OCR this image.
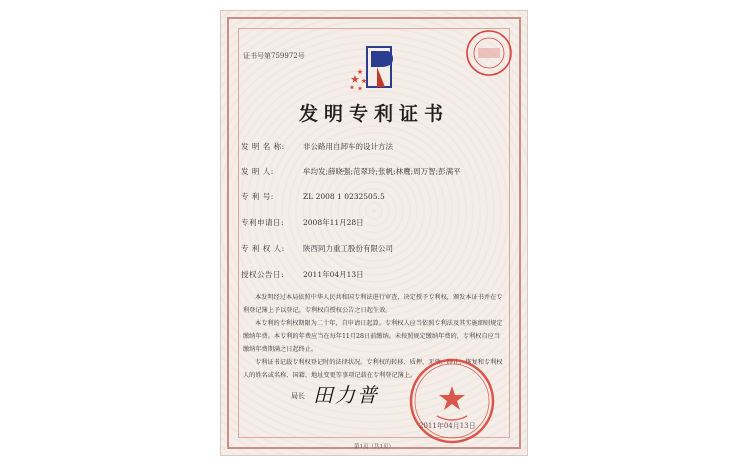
证书号第759972号
发明专利证书
发 明 名 称: 非公路用自卸车的设计方法
发 明 人:	牟均发;薛晓强;范翠玲;张帆;林鹰;周万智;彭满平
专 利 号:	ZL 2008 1 0232505.5
专利申请日:	2008年11月28日
专 利 权 人: 陕西同力重工股份有限公司
授权公告日:	2011年04月13日

本发明经过本局依照中华人民共和国专利法进行审查，决定授予专利权，颁发本证书并在专利登记簿上予以登记。专利权自授权公告之日起生效。

本专利的专利权期限为二十年，自申请日起算。专利权人应当依照专利法及其实施细则规定缴纳年费。本专利的年费应当在每年11月28日前缴纳。未按照规定缴纳年费的，专利权自应当缴纳年费期满之日起终止。

专利证书记载专利权登记时的法律状况。专利权的转移、质押、无效、终止、恢复和专利权人的姓名或名称、国籍、地址变更等事项记载在专利登记簿上。

局长 田力普
2011年04月13日
第1页（共1页）
